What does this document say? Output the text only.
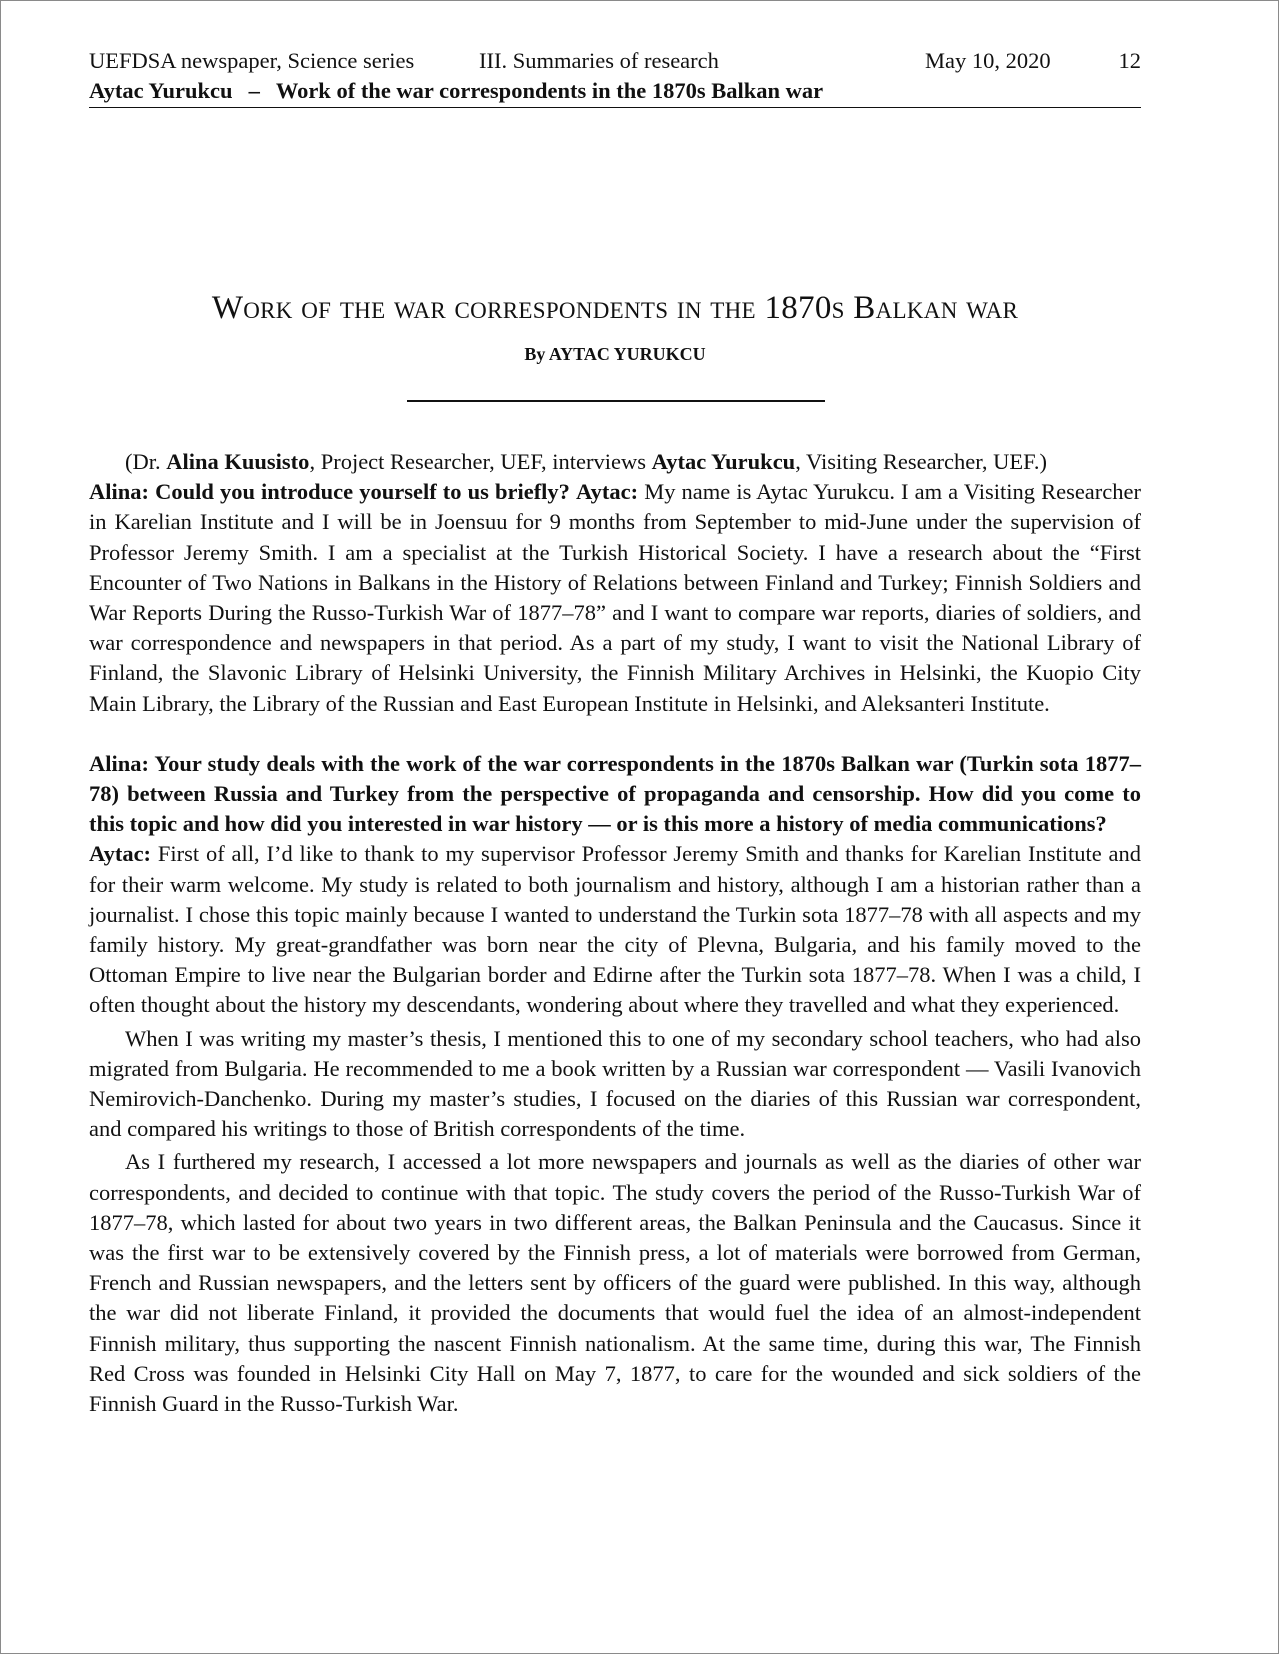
UEFDSA newspaper, Science series	III. Summaries of research	May 10, 2020	12
Aytac Yurukcu – Work of the war correspondents in the 1870s Balkan war
Work of the war correspondents in the 1870s Balkan war
By AYTAC YURUKCU

(Dr. Alina Kuusisto, Project Researcher, UEF, interviews Aytac Yurukcu, Visiting Researcher, UEF.)

Alina: Could you introduce yourself to us briefly? Aytac: My name is Aytac Yurukcu. I am a Visiting Researcher in Karelian Institute and I will be in Joensuu for 9 months from September to mid-June under the supervision of Professor Jeremy Smith. I am a specialist at the Turkish Historical Society. I have a research about the “First Encounter of Two Nations in Balkans in the History of Relations between Finland and Turkey; Finnish Soldiers and War Reports During the Russo-Turkish War of 1877–78” and I want to compare war reports, diaries of soldiers, and war correspondence and newspapers in that period. As a part of my study, I want to visit the National Library of Finland, the Slavonic Library of Helsinki University, the Finnish Military Archives in Helsinki, the Kuopio City Main Library, the Library of the Russian and East European Institute in Helsinki, and Aleksanteri Institute.

Alina: Your study deals with the work of the war correspondents in the 1870s Balkan war (Turkin sota 1877–78) between Russia and Turkey from the perspective of propaganda and censorship. How did you come to this topic and how did you interested in war history — or is this more a history of media communications?

Aytac: First of all, I’d like to thank to my supervisor Professor Jeremy Smith and thanks for Karelian Institute and for their warm welcome. My study is related to both journalism and history, although I am a historian rather than a journalist. I chose this topic mainly because I wanted to understand the Turkin sota 1877–78 with all aspects and my family history. My great-grandfather was born near the city of Plevna, Bulgaria, and his family moved to the Ottoman Empire to live near the Bulgarian border and Edirne after the Turkin sota 1877–78. When I was a child, I often thought about the history my descendants, wondering about where they travelled and what they experienced.

When I was writing my master’s thesis, I mentioned this to one of my secondary school teachers, who had also migrated from Bulgaria. He recommended to me a book written by a Russian war correspondent — Vasili Ivanovich Nemirovich-Danchenko. During my master’s studies, I focused on the diaries of this Russian war correspondent, and compared his writings to those of British correspondents of the time.

As I furthered my research, I accessed a lot more newspapers and journals as well as the diaries of other war correspondents, and decided to continue with that topic. The study covers the period of the Russo-Turkish War of 1877–78, which lasted for about two years in two different areas, the Balkan Peninsula and the Caucasus. Since it was the first war to be extensively covered by the Finnish press, a lot of materials were borrowed from German, French and Russian newspapers, and the letters sent by officers of the guard were published. In this way, although the war did not liberate Finland, it provided the documents that would fuel the idea of an almost-independent Finnish military, thus supporting the nascent Finnish nationalism. At the same time, during this war, The Finnish Red Cross was founded in Helsinki City Hall on May 7, 1877, to care for the wounded and sick soldiers of the Finnish Guard in the Russo-Turkish War.
